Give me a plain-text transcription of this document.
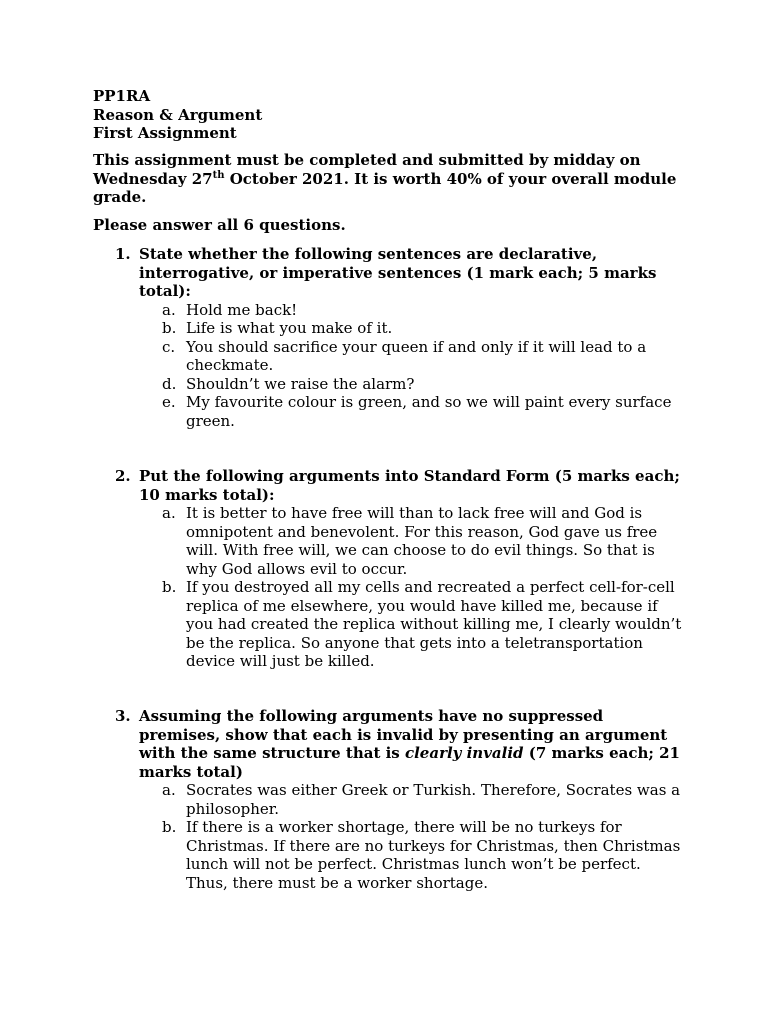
PP1RA
Reason & Argument
First Assignment

This assignment must be completed and submitted by midday on Wednesday 27th October 2021. It is worth 40% of your overall module grade.

Please answer all 6 questions.

1. State whether the following sentences are declarative, interrogative, or imperative sentences (1 mark each; 5 marks total):
a. Hold me back!
b. Life is what you make of it.
c. You should sacrifice your queen if and only if it will lead to a checkmate.
d. Shouldn’t we raise the alarm?
e. My favourite colour is green, and so we will paint every surface green.
2. Put the following arguments into Standard Form (5 marks each; 10 marks total):
a. It is better to have free will than to lack free will and God is omnipotent and benevolent. For this reason, God gave us free will. With free will, we can choose to do evil things. So that is why God allows evil to occur.
b. If you destroyed all my cells and recreated a perfect cell-for-cell replica of me elsewhere, you would have killed me, because if you had created the replica without killing me, I clearly wouldn’t be the replica. So anyone that gets into a teletransportation device will just be killed.
3. Assuming the following arguments have no suppressed premises, show that each is invalid by presenting an argument with the same structure that is clearly invalid (7 marks each; 21 marks total)
a. Socrates was either Greek or Turkish. Therefore, Socrates was a philosopher.
b. If there is a worker shortage, there will be no turkeys for Christmas. If there are no turkeys for Christmas, then Christmas lunch will not be perfect. Christmas lunch won’t be perfect. Thus, there must be a worker shortage.
